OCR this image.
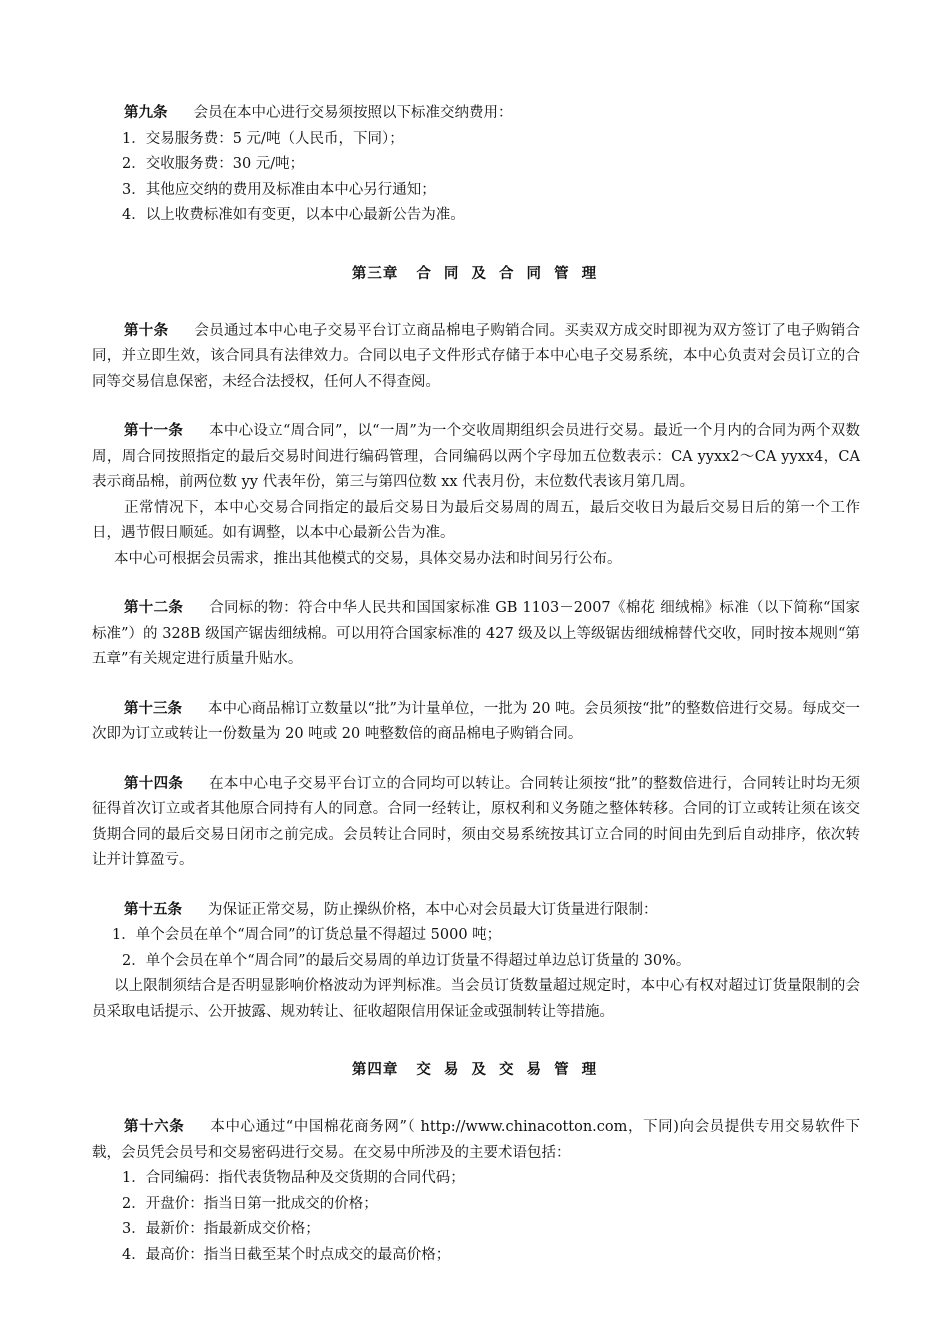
第九条 会员在本中心进行交易须按照以下标准交纳费用：

1．交易服务费：5 元/吨（人民币，下同）；

2．交收服务费：30 元/吨；

3．其他应交纳的费用及标准由本中心另行通知；

4．以上收费标准如有变更，以本中心最新公告为准。

第三章 合 同 及 合 同 管 理

第十条 会员通过本中心电子交易平台订立商品棉电子购销合同。买卖双方成交时即视为双方签订了电子购销合同，并立即生效，该合同具有法律效力。合同以电子文件形式存储于本中心电子交易系统，本中心负责对会员订立的合同等交易信息保密，未经合法授权，任何人不得查阅。

第十一条 本中心设立“周合同”，以“一周”为一个交收周期组织会员进行交易。最近一个月内的合同为两个双数周，周合同按照指定的最后交易时间进行编码管理，合同编码以两个字母加五位数表示：CA yyxx2～CA yyxx4，CA 表示商品棉，前两位数 yy 代表年份，第三与第四位数 xx 代表月份，末位数代表该月第几周。

正常情况下，本中心交易合同指定的最后交易日为最后交易周的周五，最后交收日为最后交易日后的第一个工作日，遇节假日顺延。如有调整，以本中心最新公告为准。

本中心可根据会员需求，推出其他模式的交易，具体交易办法和时间另行公布。

第十二条 合同标的物：符合中华人民共和国国家标准 GB 1103－2007《棉花 细绒棉》标准（以下简称“国家标准”）的 328B 级国产锯齿细绒棉。可以用符合国家标准的 427 级及以上等级锯齿细绒棉替代交收，同时按本规则“第五章”有关规定进行质量升贴水。

第十三条 本中心商品棉订立数量以“批”为计量单位，一批为 20 吨。会员须按“批”的整数倍进行交易。每成交一次即为订立或转让一份数量为 20 吨或 20 吨整数倍的商品棉电子购销合同。

第十四条 在本中心电子交易平台订立的合同均可以转让。合同转让须按“批”的整数倍进行，合同转让时均无须征得首次订立或者其他原合同持有人的同意。合同一经转让，原权利和义务随之整体转移。合同的订立或转让须在该交货期合同的最后交易日闭市之前完成。会员转让合同时，须由交易系统按其订立合同的时间由先到后自动排序，依次转让并计算盈亏。

第十五条 为保证正常交易，防止操纵价格，本中心对会员最大订货量进行限制：

1．单个会员在单个“周合同”的订货总量不得超过 5000 吨；

2．单个会员在单个“周合同”的最后交易周的单边订货量不得超过单边总订货量的 30%。

以上限制须结合是否明显影响价格波动为评判标准。当会员订货数量超过规定时，本中心有权对超过订货量限制的会员采取电话提示、公开披露、规劝转让、征收超限信用保证金或强制转让等措施。

第四章 交 易 及 交 易 管 理

第十六条 本中心通过“中国棉花商务网”（ http://www.chinacotton.com，下同)向会员提供专用交易软件下载，会员凭会员号和交易密码进行交易。在交易中所涉及的主要术语包括：

1．合同编码：指代表货物品种及交货期的合同代码；

2．开盘价：指当日第一批成交的价格；

3．最新价：指最新成交价格；

4．最高价：指当日截至某个时点成交的最高价格；
